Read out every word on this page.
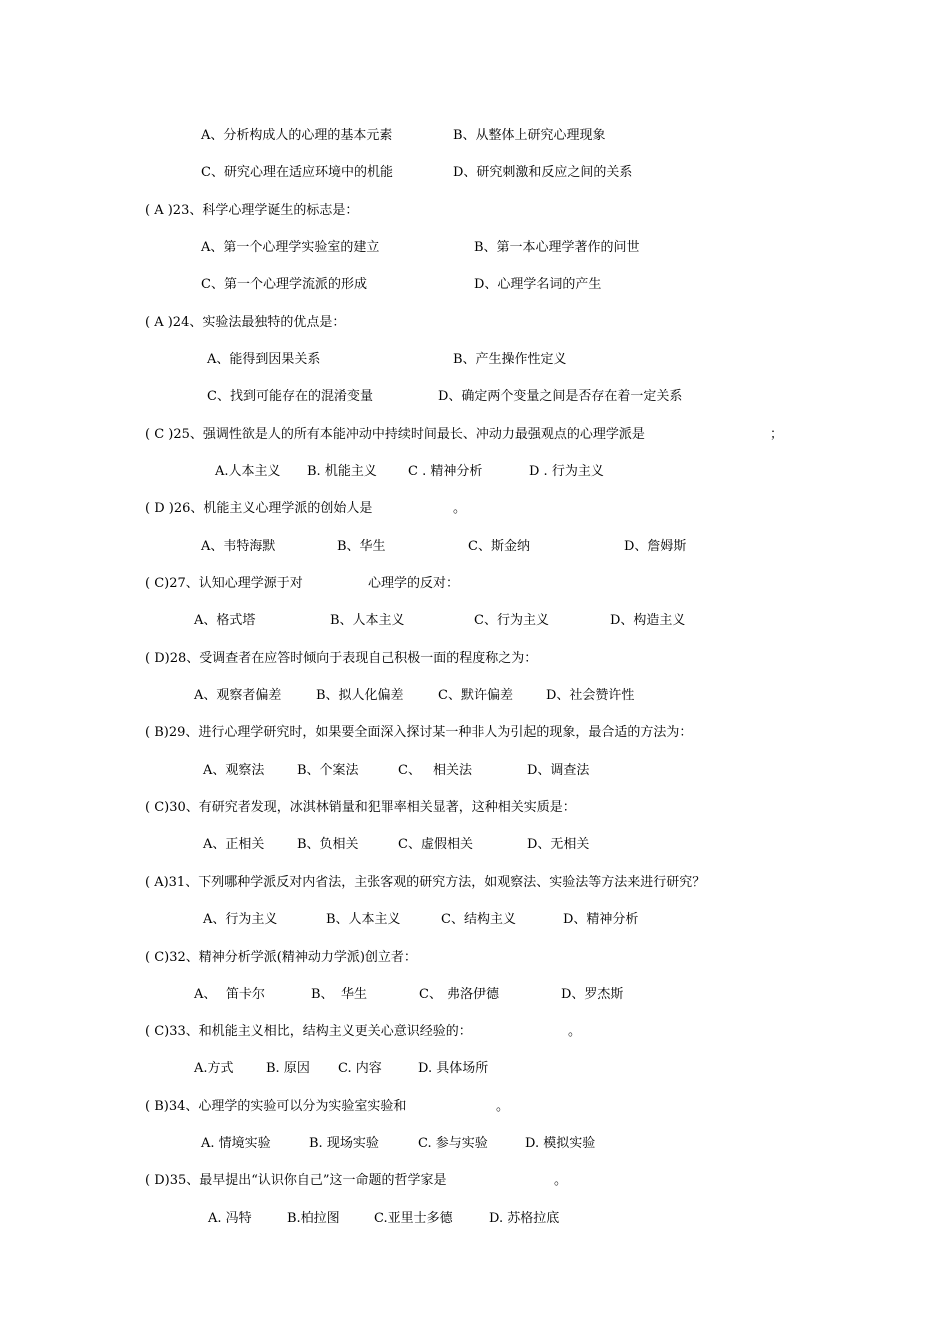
A、分析构成人的心理的基本元素	B、从整体上研究心理现象
C、研究心理在适应环境中的机能	D、研究刺激和反应之间的关系
( A )23、科学心理学诞生的标志是：
A、第一个心理学实验室的建立	B、第一本心理学著作的问世
C、第一个心理学流派的形成	D、心理学名词的产生
( A )24、实验法最独特的优点是：
A、能得到因果关系	B、产生操作性定义
C、找到可能存在的混淆变量	D、确定两个变量之间是否存在着一定关系
( C )25、强调性欲是人的所有本能冲动中持续时间最长、冲动力最强观点的心理学派是	；
A.人本主义 B. 机能主义 C . 精神分析	D . 行为主义
( D )26、机能主义心理学派的创始人是	。
A、韦特海默	B、华生	C、斯金纳	D、詹姆斯
( C)27、认知心理学源于对	心理学的反对：
A、格式塔	B、人本主义	C、行为主义	D、构造主义
( D)28、受调查者在应答时倾向于表现自己积极一面的程度称之为：
A、观察者偏差	B、拟人化偏差	C、默许偏差	D、社会赞许性
( B)29、进行心理学研究时，如果要全面深入探讨某一种非人为引起的现象，最合适的方法为：
A、观察法	B、个案法	C、 相关法	D、调查法
( C)30、有研究者发现，冰淇林销量和犯罪率相关显著，这种相关实质是：
A、正相关	B、负相关	C、虚假相关	D、无相关
( A)31、下列哪种学派反对内省法，主张客观的研究方法，如观察法、实验法等方法来进行研究？
A、行为主义	B、人本主义	C、结构主义	D、精神分析
( C)32、精神分析学派(精神动力学派)创立者：
A、 笛卡尔	B、 华生	C、 弗洛伊德	D、罗杰斯
( C)33、和机能主义相比，结构主义更关心意识经验的：	。
A.方式 B. 原因 C. 内容	D. 具体场所
( B)34、心理学的实验可以分为实验室实验和	。
A. 情境实验	B. 现场实验	C. 参与实验	D. 模拟实验
( D)35、最早提出“认识你自己”这一命题的哲学家是	。
A. 冯特	B.柏拉图	C.亚里士多德	D. 苏格拉底
